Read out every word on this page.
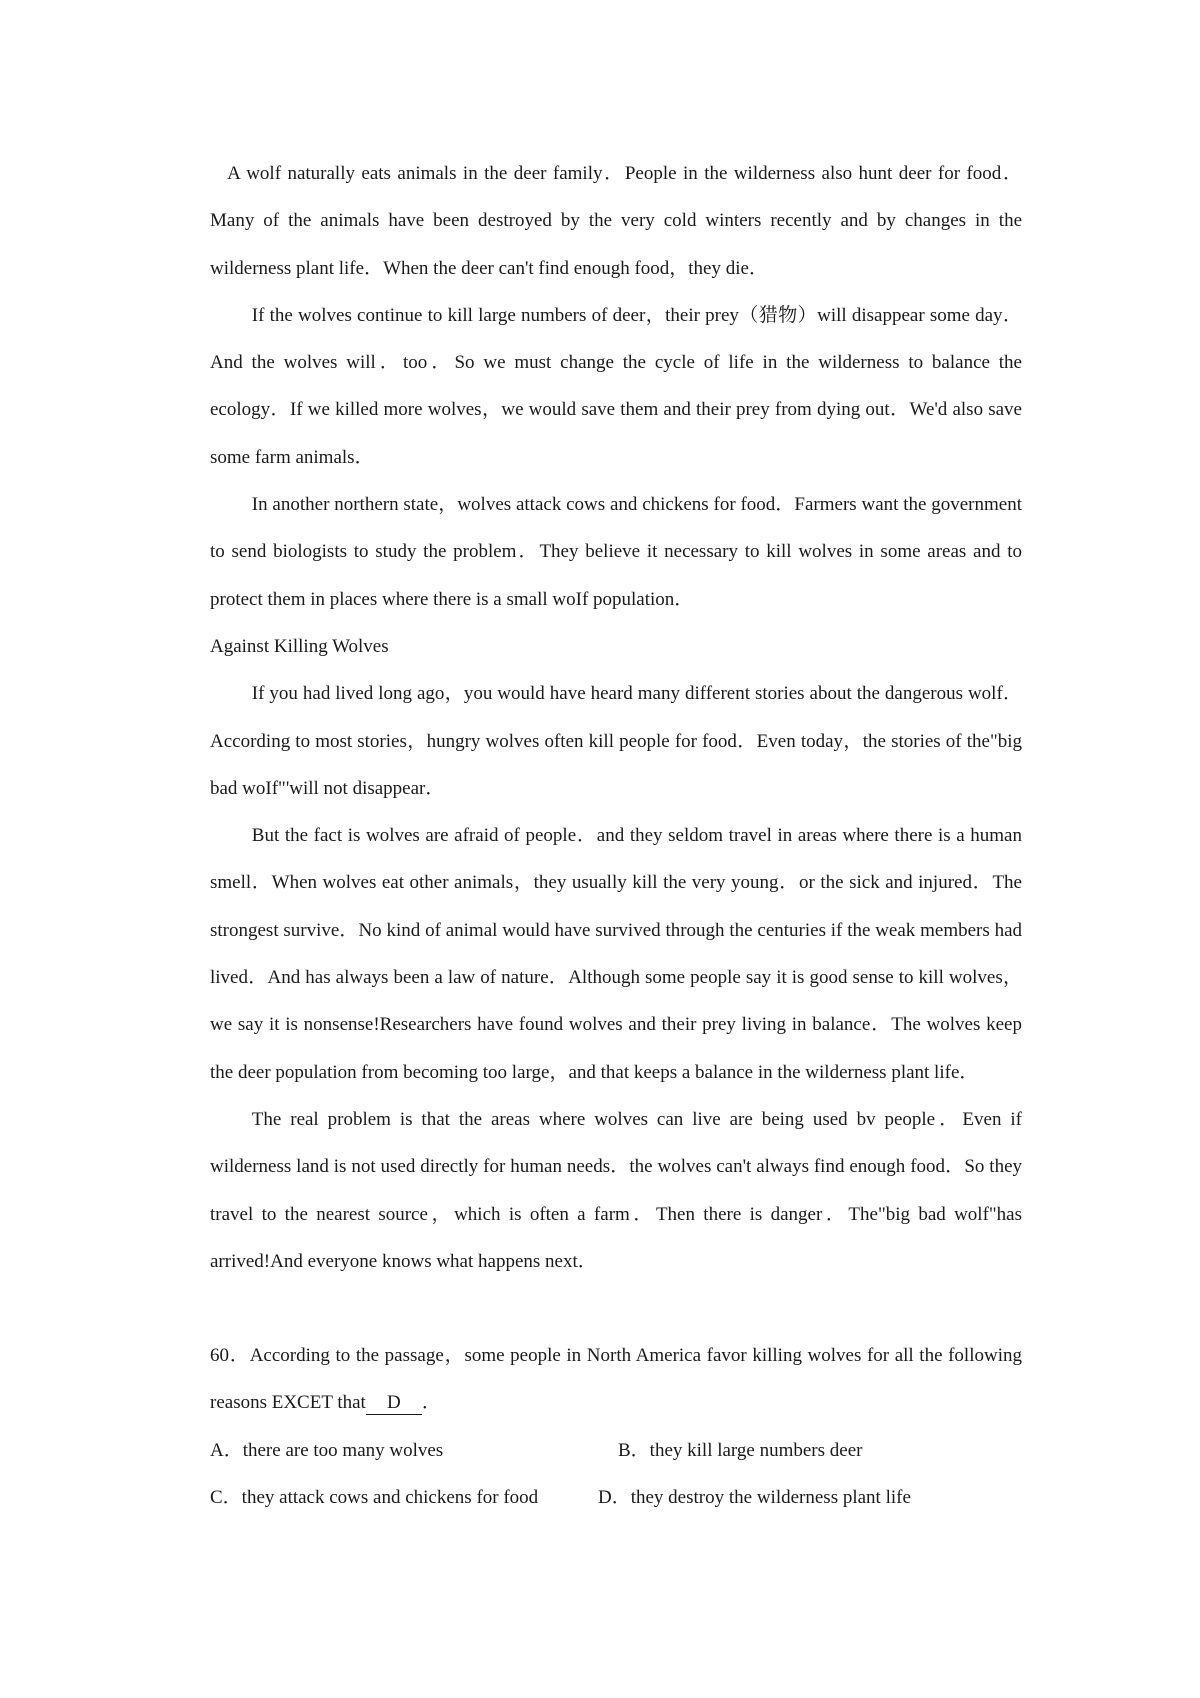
A wolf naturally eats animals in the deer family．People in the wilderness also hunt deer for food．Many of the animals have been destroyed by the very cold winters recently and by changes in the wilderness plant life．When the deer can't find enough food，they die．

If the wolves continue to kill large numbers of deer，their prey（猎物）will disappear some day．And the wolves will．too．So we must change the cycle of life in the wilderness to balance the ecology．If we killed more wolves，we would save them and their prey from dying out．We'd also save some farm animals．

In another northern state，wolves attack cows and chickens for food．Farmers want the government to send biologists to study the problem．They believe it necessary to kill wolves in some areas and to protect them in places where there is a small woIf population．

Against Killing Wolves

If you had lived long ago，you would have heard many different stories about the dangerous wolf．According to most stories，hungry wolves often kill people for food．Even today，the stories of the"big bad woIf"'will not disappear．

But the fact is wolves are afraid of people．and they seldom travel in areas where there is a human smell．When wolves eat other animals，they usually kill the very young．or the sick and injured．The strongest survive．No kind of animal would have survived through the centuries if the weak members had lived．And has always been a law of nature．Although some people say it is good sense to kill wolves，we say it is nonsense!Researchers have found wolves and their prey living in balance．The wolves keep the deer population from becoming too large，and that keeps a balance in the wilderness plant life．

The real problem is that the areas where wolves can live are being used bv people．Even if wilderness land is not used directly for human needs．the wolves can't always find enough food．So they travel to the nearest source，which is often a farm．Then there is danger．The"big bad wolf"has arrived!And everyone knows what happens next．

60．According to the passage，some people in North America favor killing wolves for all the following reasons EXCET that D ．

A．there are too many wolves	B．they kill large numbers deer
C．they attack cows and chickens for food	D．they destroy the wilderness plant life
